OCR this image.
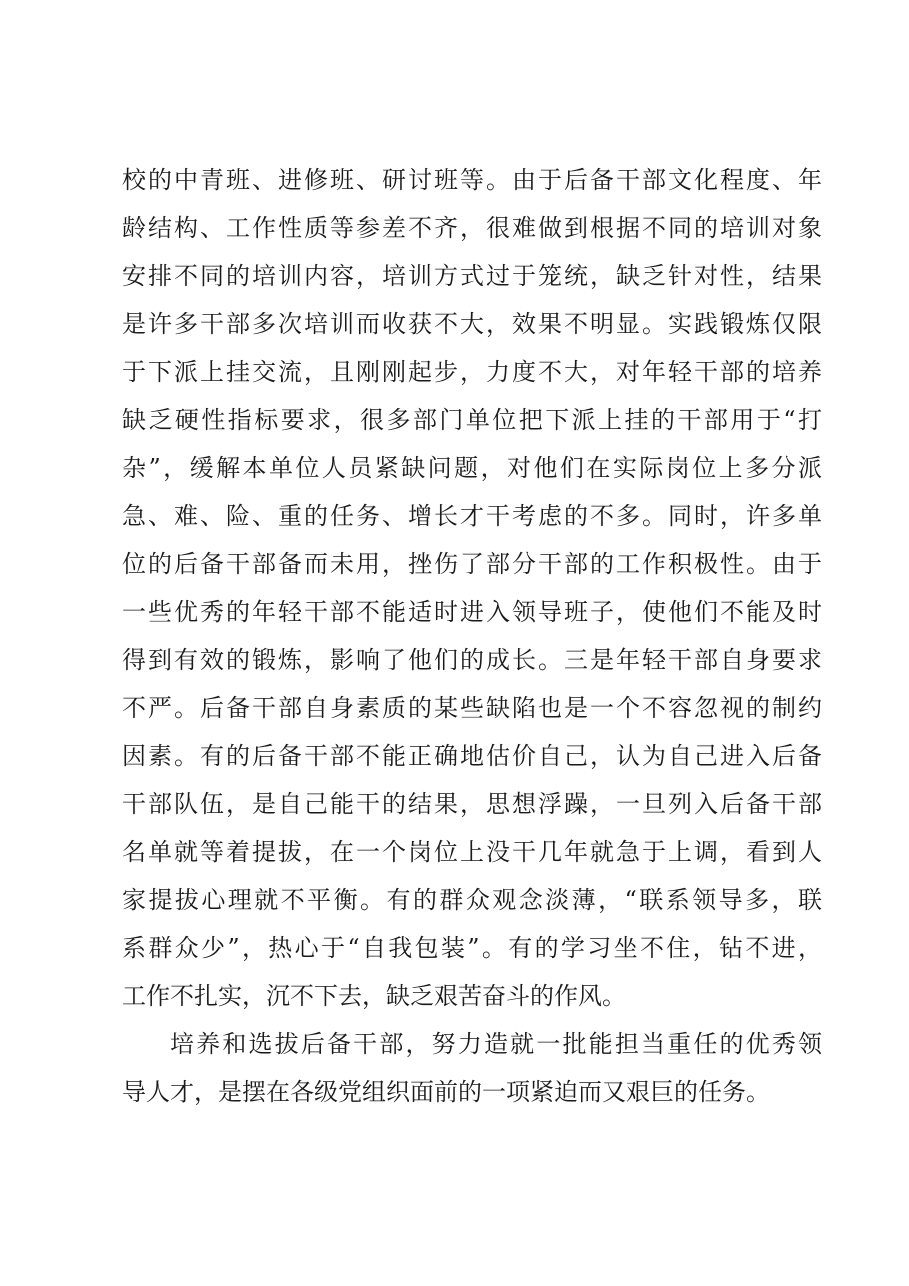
校的中青班、进修班、研讨班等。由于后备干部文化程度、年
龄结构、工作性质等参差不齐，很难做到根据不同的培训对象
安排不同的培训内容，培训方式过于笼统，缺乏针对性，结果
是许多干部多次培训而收获不大，效果不明显。实践锻炼仅限
于下派上挂交流，且刚刚起步，力度不大，对年轻干部的培养
缺乏硬性指标要求，很多部门单位把下派上挂的干部用于“打
杂”，缓解本单位人员紧缺问题，对他们在实际岗位上多分派
急、难、险、重的任务、增长才干考虑的不多。同时，许多单
位的后备干部备而未用，挫伤了部分干部的工作积极性。由于
一些优秀的年轻干部不能适时进入领导班子，使他们不能及时
得到有效的锻炼，影响了他们的成长。三是年轻干部自身要求
不严。后备干部自身素质的某些缺陷也是一个不容忽视的制约
因素。有的后备干部不能正确地估价自己，认为自己进入后备
干部队伍，是自己能干的结果，思想浮躁，一旦列入后备干部
名单就等着提拔，在一个岗位上没干几年就急于上调，看到人
家提拔心理就不平衡。有的群众观念淡薄，“联系领导多，联
系群众少”，热心于“自我包装”。有的学习坐不住，钻不进，
工作不扎实，沉不下去，缺乏艰苦奋斗的作风。
培养和选拔后备干部，努力造就一批能担当重任的优秀领
导人才，是摆在各级党组织面前的一项紧迫而又艰巨的任务。
